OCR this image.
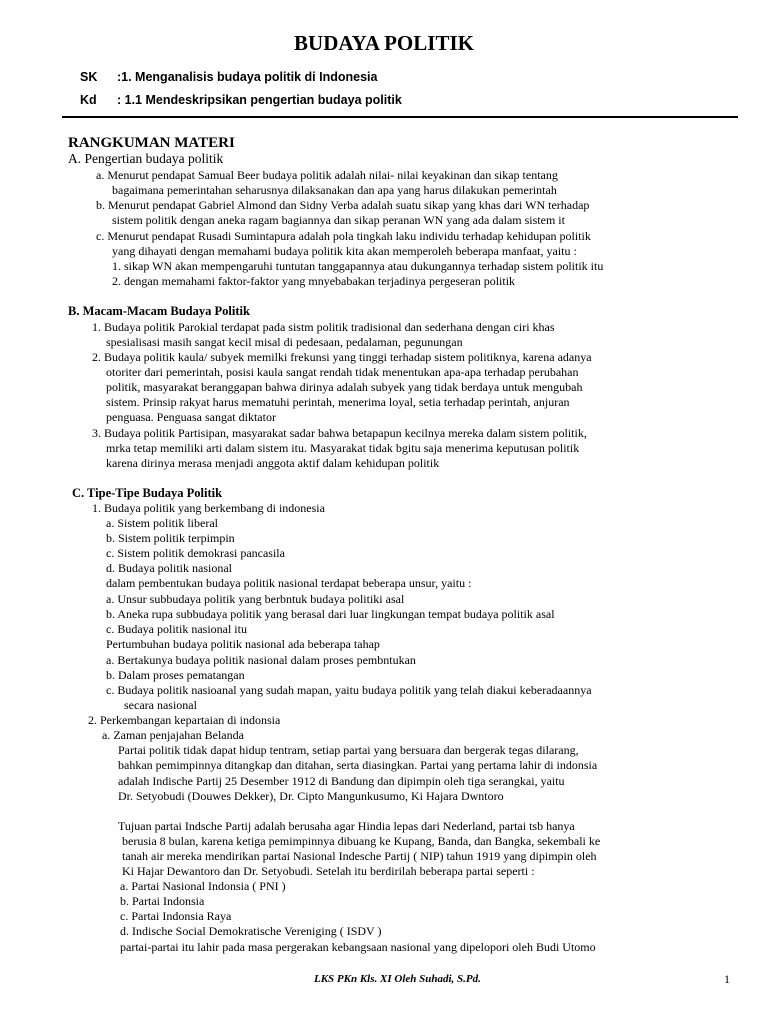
BUDAYA POLITIK
SK :1. Menganalisis budaya politik di Indonesia
Kd : 1.1 Mendeskripsikan pengertian budaya politik
RANGKUMAN MATERI
A. Pengertian budaya politik
a. Menurut pendapat Samual Beer budaya politik adalah nilai- nilai keyakinan dan sikap tentang
bagaimana pemerintahan seharusnya dilaksanakan dan apa yang harus dilakukan pemerintah
b. Menurut pendapat Gabriel Almond dan Sidny Verba adalah suatu sikap yang khas dari WN terhadap
sistem politik dengan aneka ragam bagiannya dan sikap peranan WN yang ada dalam sistem it
c. Menurut pendapat Rusadi Sumintapura adalah pola tingkah laku individu terhadap kehidupan politik
yang dihayati dengan memahami budaya politik kita akan memperoleh beberapa manfaat, yaitu :
1. sikap WN akan mempengaruhi tuntutan tanggapannya atau dukungannya terhadap sistem politik itu
2. dengan memahami faktor-faktor yang mnyebabakan terjadinya pergeseran politik
B. Macam-Macam Budaya Politik
1. Budaya politik Parokial terdapat pada sistm politik tradisional dan sederhana dengan ciri khas
spesialisasi masih sangat kecil misal di pedesaan, pedalaman, pegunungan
2. Budaya politik kaula/ subyek memilki frekunsi yang tinggi terhadap sistem politiknya, karena adanya
otoriter dari pemerintah, posisi kaula sangat rendah tidak menentukan apa-apa terhadap perubahan
politik, masyarakat beranggapan bahwa dirinya adalah subyek yang tidak berdaya untuk mengubah
sistem. Prinsip rakyat harus mematuhi perintah, menerima loyal, setia terhadap perintah, anjuran
penguasa. Penguasa sangat diktator
3. Budaya politik Partisipan, masyarakat sadar bahwa betapapun kecilnya mereka dalam sistem politik,
mrka tetap memiliki arti dalam sistem itu. Masyarakat tidak bgitu saja menerima keputusan politik
karena dirinya merasa menjadi anggota aktif dalam kehidupan politik
C. Tipe-Tipe Budaya Politik
1. Budaya politik yang berkembang di indonesia
a. Sistem politik liberal
b. Sistem politik terpimpin
c. Sistem politik demokrasi pancasila
d. Budaya politik nasional
dalam pembentukan budaya politik nasional terdapat beberapa unsur, yaitu :
a. Unsur subbudaya politik yang berbntuk budaya politiki asal
b. Aneka rupa subbudaya politik yang berasal dari luar lingkungan tempat budaya politik asal
c. Budaya politik nasional itu
Pertumbuhan budaya politik nasional ada beberapa tahap
a. Bertakunya budaya politik nasional dalam proses pembntukan
b. Dalam proses pematangan
c. Budaya politik nasioanal yang sudah mapan, yaitu budaya politik yang telah diakui keberadaannya
secara nasional
2. Perkembangan kepartaian di indonsia
a. Zaman penjajahan Belanda
Partai politik tidak dapat hidup tentram, setiap partai yang bersuara dan bergerak tegas dilarang,
bahkan pemimpinnya ditangkap dan ditahan, serta diasingkan. Partai yang pertama lahir di indonsia
adalah Indische Partij 25 Desember 1912 di Bandung dan dipimpin oleh tiga serangkai, yaitu
Dr. Setyobudi (Douwes Dekker), Dr. Cipto Mangunkusumo, Ki Hajara Dwntoro
Tujuan partai Indsche Partij adalah berusaha agar Hindia lepas dari Nederland, partai tsb hanya
berusia 8 bulan, karena ketiga pemimpinnya dibuang ke Kupang, Banda, dan Bangka, sekembali ke
tanah air mereka mendirikan partai Nasional Indesche Partij ( NIP) tahun 1919 yang dipimpin oleh
Ki Hajar Dewantoro dan Dr. Setyobudi. Setelah itu berdirilah beberapa partai seperti :
a. Partai Nasional Indonsia ( PNI )
b. Partai Indonsia
c. Partai Indonsia Raya
d. Indische Social Demokratische Vereniging ( ISDV )
partai-partai itu lahir pada masa pergerakan kebangsaan nasional yang dipelopori oleh Budi Utomo
LKS PKn Kls. XI Oleh Suhadi, S.Pd.	1
